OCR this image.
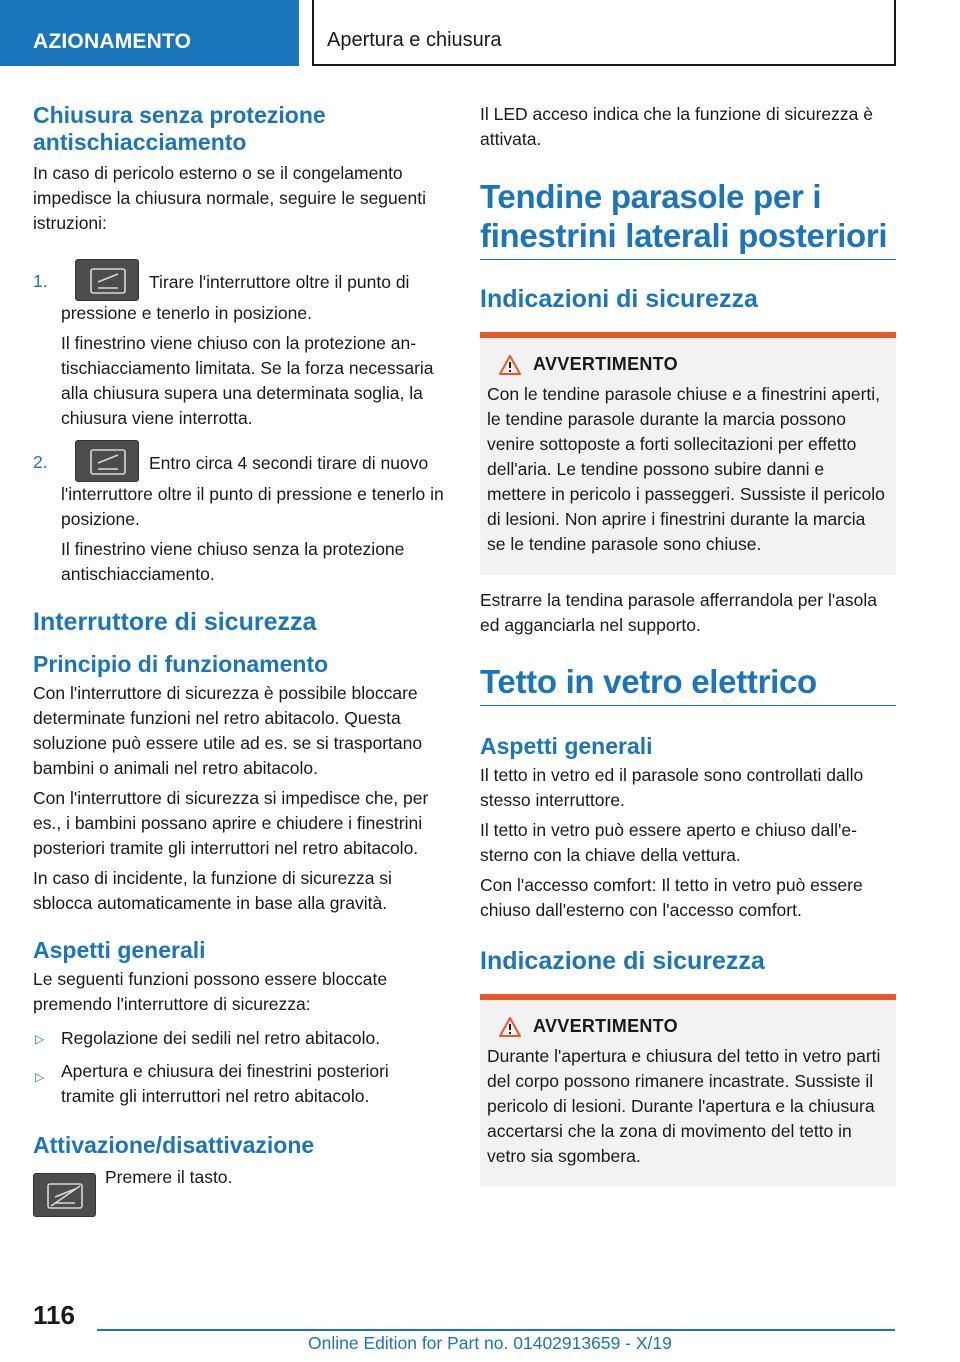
AZIONAMENTO	Apertura e chiusura
Chiusura senza protezione antischiacciamento
In caso di pericolo esterno o se il congelamento impedisce la chiusura normale, seguire le seguenti istruzioni:
1.	Tirare l'interruttore oltre il punto di
pressione e tenerlo in posizione.
Il finestrino viene chiuso con la protezione antischiacciamento limitata. Se la forza necessaria alla chiusura supera una determinata soglia, la chiusura viene interrotta.
2.	Entro circa 4 secondi tirare di nuovo
l'interruttore oltre il punto di pressione e tenerlo in posizione.
Il finestrino viene chiuso senza la protezione antischiacciamento.
Interruttore di sicurezza
Principio di funzionamento
Con l'interruttore di sicurezza è possibile bloccare determinate funzioni nel retro abitacolo. Questa soluzione può essere utile ad es. se si trasportano bambini o animali nel retro abitacolo.
Con l'interruttore di sicurezza si impedisce che, per es., i bambini possano aprire e chiudere i finestrini posteriori tramite gli interruttori nel retro abitacolo.
In caso di incidente, la funzione di sicurezza si sblocca automaticamente in base alla gravità.
Aspetti generali
Le seguenti funzioni possono essere bloccate premendo l'interruttore di sicurezza:
▷ Regolazione dei sedili nel retro abitacolo.
▷ Apertura e chiusura dei finestrini posteriori tramite gli interruttori nel retro abitacolo.
Attivazione/disattivazione
Premere il tasto.
Il LED acceso indica che la funzione di sicurezza è attivata.
Tendine parasole per i finestrini laterali posteriori
Indicazioni di sicurezza
AVVERTIMENTO
Con le tendine parasole chiuse e a finestrini aperti, le tendine parasole durante la marcia possono venire sottoposte a forti sollecitazioni per effetto dell'aria. Le tendine possono subire danni e mettere in pericolo i passeggeri. Sussiste il pericolo di lesioni. Non aprire i finestrini durante la marcia se le tendine parasole sono chiuse.
Estrarre la tendina parasole afferrandola per l'asola ed agganciarla nel supporto.
Tetto in vetro elettrico
Aspetti generali
Il tetto in vetro ed il parasole sono controllati dallo stesso interruttore.
Il tetto in vetro può essere aperto e chiuso dall'esterno con la chiave della vettura.
Con l'accesso comfort: Il tetto in vetro può essere chiuso dall'esterno con l'accesso comfort.
Indicazione di sicurezza
AVVERTIMENTO
Durante l'apertura e chiusura del tetto in vetro parti del corpo possono rimanere incastrate. Sussiste il pericolo di lesioni. Durante l'apertura e la chiusura accertarsi che la zona di movimento del tetto in vetro sia sgombera.
116
Online Edition for Part no. 01402913659 - X/19
